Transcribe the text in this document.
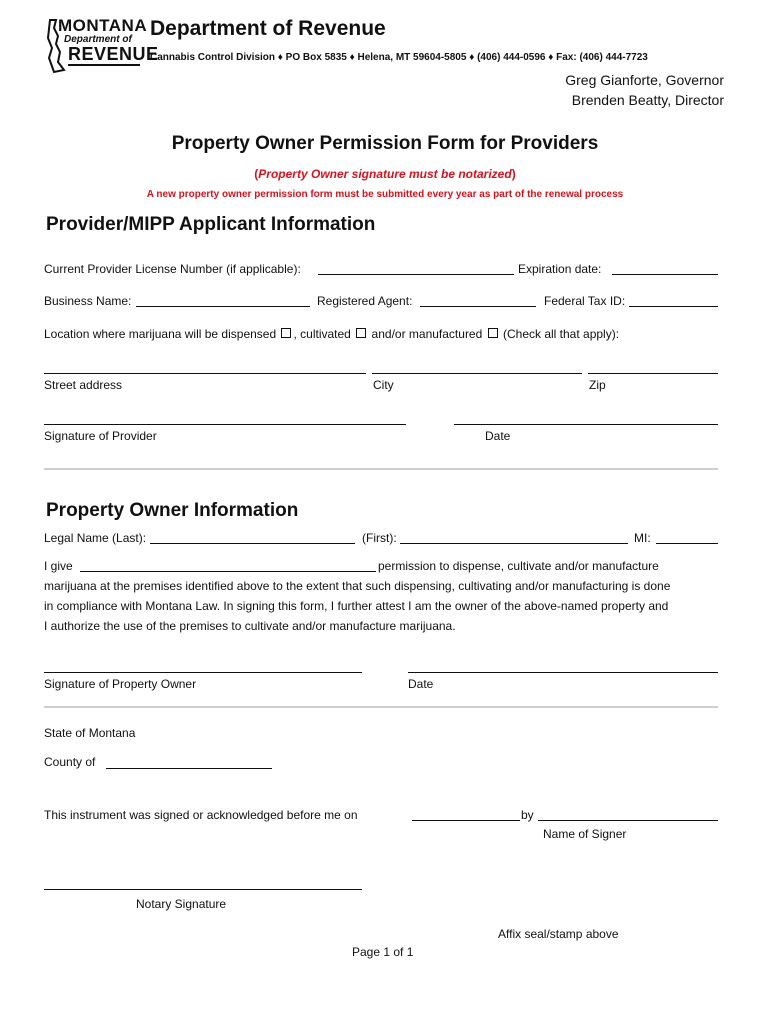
MONTANA
Department of
REVENUE
Department of Revenue
Cannabis Control Division ♦ PO Box 5835 ♦ Helena, MT 59604-5805 ♦ (406) 444-0596 ♦ Fax: (406) 444-7723
Greg Gianforte, Governor
Brenden Beatty, Director
Property Owner Permission Form for Providers
(Property Owner signature must be notarized)
A new property owner permission form must be submitted every year as part of the renewal process
Provider/MIPP Applicant Information
Current Provider License Number (if applicable):	Expiration date:
Business Name:	Registered Agent:	Federal Tax ID:
Location where marijuana will be dispensed , cultivated and/or manufactured (Check all that apply):
Street address	City	Zip
Signature of Provider	Date
Property Owner Information
Legal Name (Last):	(First):	MI:
I give	permission to dispense, cultivate and/or manufacture
marijuana at the premises identified above to the extent that such dispensing, cultivating and/or manufacturing is done
in compliance with Montana Law. In signing this form, I further attest I am the owner of the above-named property and
I authorize the use of the premises to cultivate and/or manufacture marijuana.
Signature of Property Owner	Date
State of Montana
County of
This instrument was signed or acknowledged before me on	by
Name of Signer
Notary Signature
Affix seal/stamp above
Page 1 of 1
